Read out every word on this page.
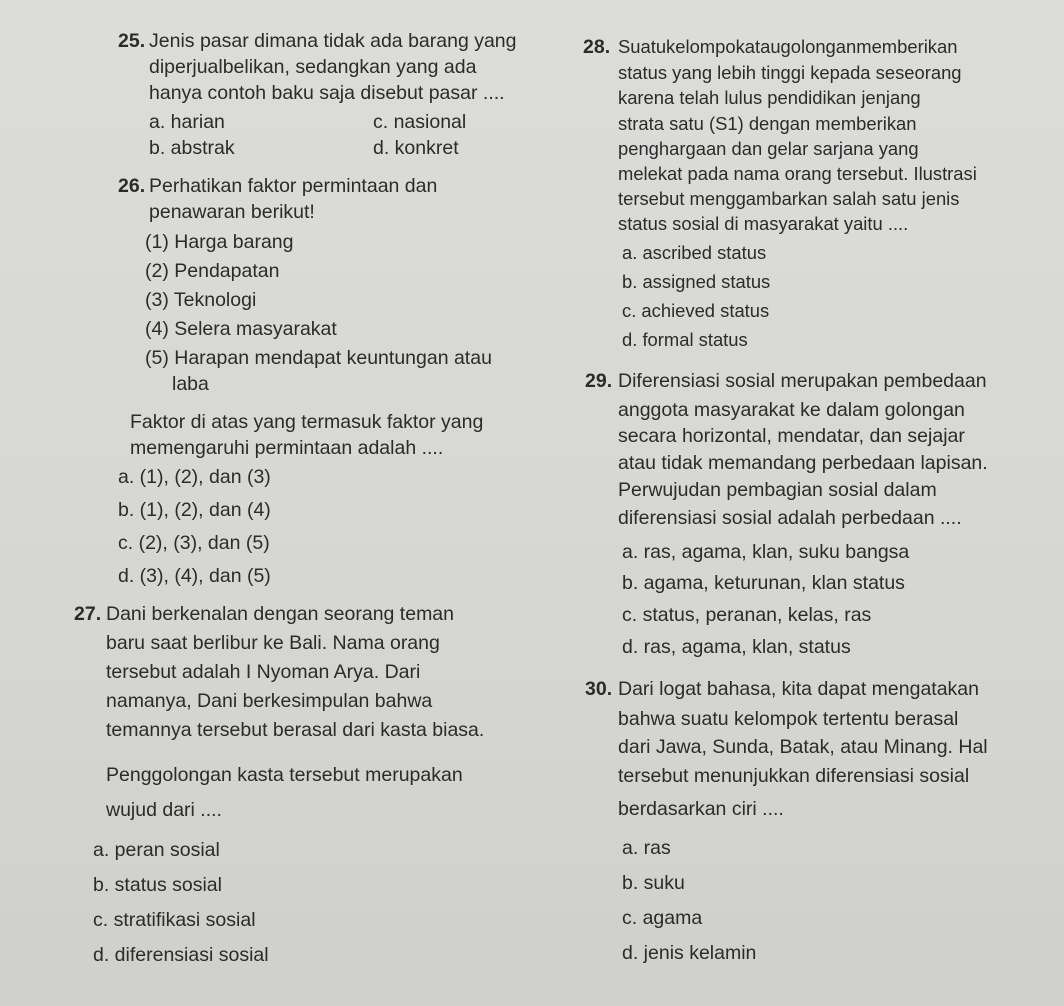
25. Jenis pasar dimana tidak ada barang yang
diperjualbelikan, sedangkan yang ada
hanya contoh baku saja disebut pasar ....
a. harian	c. nasional
b. abstrak	d. konkret
26. Perhatikan faktor permintaan dan
penawaran berikut!
(1) Harga barang
(2) Pendapatan
(3) Teknologi
(4) Selera masyarakat
(5) Harapan mendapat keuntungan atau
laba
Faktor di atas yang termasuk faktor yang
memengaruhi permintaan adalah ....
a. (1), (2), dan (3)
b. (1), (2), dan (4)
c. (2), (3), dan (5)
d. (3), (4), dan (5)
27. Dani berkenalan dengan seorang teman
baru saat berlibur ke Bali. Nama orang
tersebut adalah I Nyoman Arya. Dari
namanya, Dani berkesimpulan bahwa
temannya tersebut berasal dari kasta biasa.
Penggolongan kasta tersebut merupakan
wujud dari ....
a. peran sosial
b. status sosial
c. stratifikasi sosial
d. diferensiasi sosial
28. Suatukelompokataugolonganmemberikan
status yang lebih tinggi kepada seseorang
karena telah lulus pendidikan jenjang
strata satu (S1) dengan memberikan
penghargaan dan gelar sarjana yang
melekat pada nama orang tersebut. Ilustrasi
tersebut menggambarkan salah satu jenis
status sosial di masyarakat yaitu ....
a. ascribed status
b. assigned status
c. achieved status
d. formal status
29. Diferensiasi sosial merupakan pembedaan
anggota masyarakat ke dalam golongan
secara horizontal, mendatar, dan sejajar
atau tidak memandang perbedaan lapisan.
Perwujudan pembagian sosial dalam
diferensiasi sosial adalah perbedaan ....
a. ras, agama, klan, suku bangsa
b. agama, keturunan, klan status
c. status, peranan, kelas, ras
d. ras, agama, klan, status
30. Dari logat bahasa, kita dapat mengatakan
bahwa suatu kelompok tertentu berasal
dari Jawa, Sunda, Batak, atau Minang. Hal
tersebut menunjukkan diferensiasi sosial
berdasarkan ciri ....
a. ras
b. suku
c. agama
d. jenis kelamin
